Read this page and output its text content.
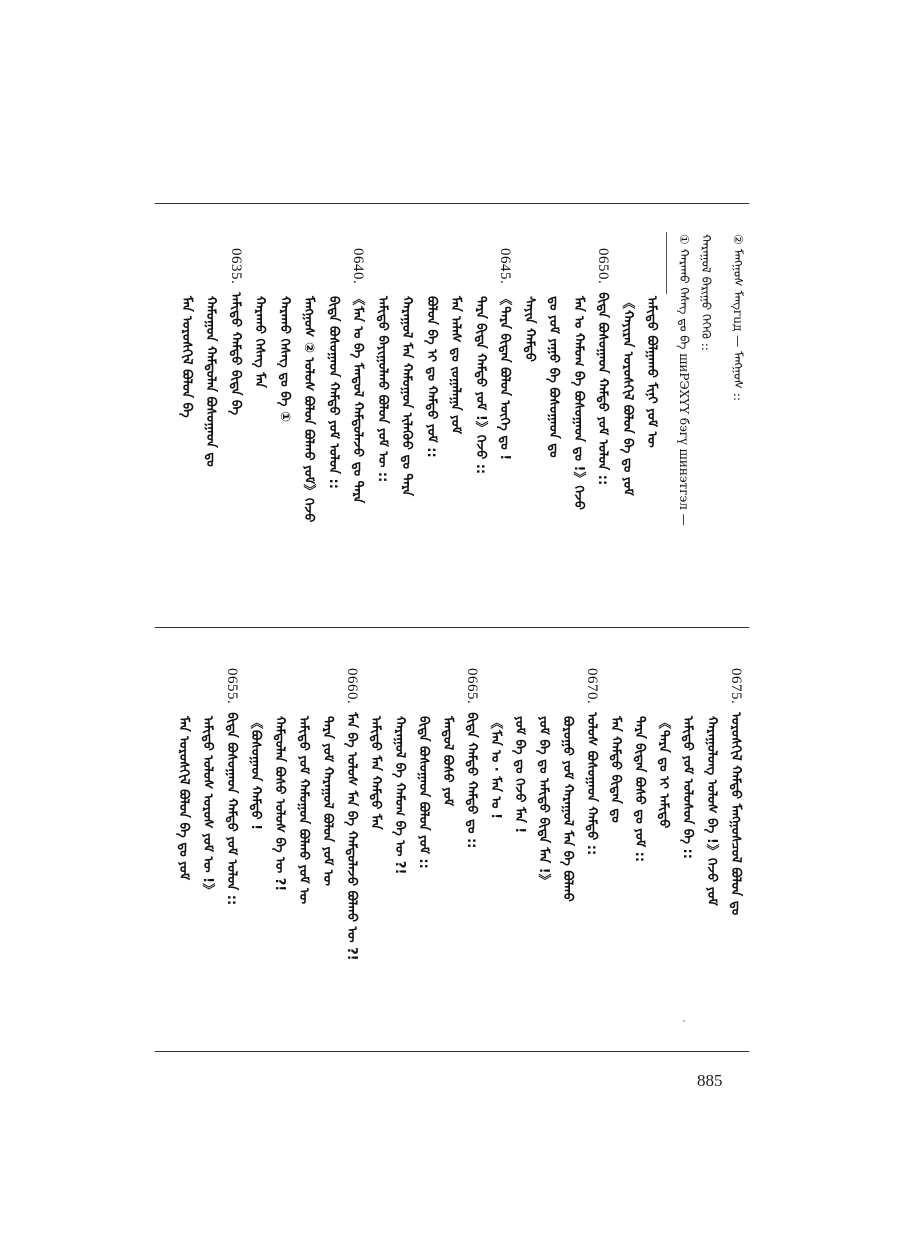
② ᠮᠠᠩᠭᠤᠰ ᠮᠠᠩгuд — ᠮᠠᠩᠭᠤᠰ ::
ᠬᠠᠷᠠᠭᠤᠯ ᠪᠠᠷᠢᠭᠤ ᠬᠡᠭᠡᠬᠦ ::
① ᠬᠠᠷᠠᠬᠤ ᠬᠡᠰᠡᠭ ᠳᠤ ᠪᠡ шиРЭХҮҮ бэгү шинэтгэл —
ᠠᠮᠢᠳᠤ ᠪᠣᠯᠭᠠᠬᠤ ᠮᠢᠨᠢ ᠶᠤᠮ ᠦ
《ᠬᠠᠶᠢᠷᠠᠨ ᠤᠷᠤᠰᠬᠢᠯ ᠪᠤᠯᠤᠨ ᠪᠠ ᠳᠤ ᠶᠤᠮ
0650.ᠪᠢᠳᠡ ᠪᠤᠰᠤᠭᠠᠳ ᠬᠠᠮᠲᠤ ᠶᠤᠮ ᠤᠯᠤᠨ ::
ᠮᠠᠨ ᠤ ᠬᠠᠮᠤᠭ ᠪᠡ ᠪᠤᠰᠤᠭᠠᠳ ᠳᠤ !》ᠭᠡᠵᠦ
ᠳᠤ ᠶᠤᠮ ᠶᠠᠭᠤ ᠪᠡ ᠪᠤᠰᠤᠭᠠᠳ ᠳᠤ
ᠰᠠᠶᠢᠨ ᠬᠠᠮᠲᠤ
0645.《ᠲᠡᠷᠡ ᠪᠢᠳᠡᠨ ᠪᠤᠯᠤᠨ ᠦᠭᠡ ᠳᠤ !
ᠲᠡᠷᠡ ᠪᠢᠳᠡ ᠬᠠᠮᠲᠤ ᠶᠤᠮ !》ᠭᠡᠵᠦ ::
ᠮᠠᠨ ᠠᠯᠠᠰ ᠳᠤ ᠵᠤᠭᠠᠯᠠᠭᠠ ᠶᠤᠮ
ᠪᠣᠯᠤᠨ ᠪᠠ ᠢ ᠳᠤ ᠬᠠᠮᠲᠤ ᠶᠤᠮ ::
ᠬᠠᠷᠠᠭᠤᠯ ᠮᠠᠨ ᠬᠠᠮᠤᠭᠤᠨ ᠢᠯᠡᠭᠦᠦ ᠳᠤ ᠲᠡᠷᠡ
ᠠᠮᠢᠳᠤ ᠪᠠᠶᠢᠭᠤᠯᠬᠤ ᠪᠤᠯᠤᠨ ᠶᠤᠮ ᠦ ::
0640.《ᠮᠠᠨ ᠤ ᠪᠡ ᠮᠠᠨᠳᠤᠯ ᠬᠠᠮᠲᠤᠯᠠᠵᠤ ᠳᠤ ᠲᠡᠷᠡ
ᠪᠢᠳᠡ ᠪᠤᠰᠤᠭᠠᠳ ᠬᠠᠮᠲᠤ ᠶᠤᠮ ᠤᠯᠤᠨ ::
ᠮᠠᠩᠭᠤᠰ ② ᠤᠯᠤᠰ ᠪᠤᠯᠤᠨ ᠪᠣᠯᠬᠤ ᠶᠤᠮ》ᠭᠡᠵᠦ
ᠬᠠᠷᠠᠬᠤ ᠬᠡᠰᠡᠭ ᠳᠤ ᠪᠡ ①
ᠬᠠᠷᠠᠬᠤ ᠬᠡᠰᠡᠭ ᠮᠠᠨ
0635.ᠠᠮᠢᠳᠤ ᠬᠠᠮᠲᠤ ᠪᠢᠳᠡ ᠪᠠ
ᠬᠠᠮᠤᠭᠤᠨ ᠬᠠᠮᠲᠤᠯᠠᠨ ᠪᠤᠰᠤᠭᠠᠳ ᠳᠤ
ᠮᠠᠨ ᠤᠷᠤᠰᠬᠢᠯ ᠪᠤᠯᠤᠨ ᠪᠡ
0675.ᠤᠷᠤᠰᠬᠢᠯ ᠬᠠᠮᠲᠤ ᠮᠠᠩᠭᠤᠰᠴᠤᠯ ᠪᠤᠯᠤᠨ ᠳᠤ
ᠬᠠᠷᠠᠭᠤᠯᠤᠩ ᠤᠯᠤᠰ ᠪᠠ !》ᠭᠡᠵᠦ ᠶᠤᠮ
ᠠᠮᠢᠳᠤ ᠶᠤᠮ ᠤᠯᠤᠰᠤᠨ ᠪᠠ ::
《ᠲᠡᠷᠡ ᠳᠤ ᠢ ᠠᠮᠢᠳᠤ
ᠲᠡᠷᠡ ᠪᠢᠳᠡᠨ ᠪᠤᠰᠤ ᠳᠤ ᠶᠤᠮ ::
ᠮᠠᠨ ᠬᠠᠮᠲᠤ ᠪᠢᠳᠡᠨ ᠳᠤ
0670.ᠤᠯᠤᠰ ᠪᠤᠰᠤᠭᠠᠳ ᠬᠠᠮᠲᠤ ::
ᠪᠤᠷᠤᠭᠤ ᠶᠤᠮ ᠬᠠᠷᠠᠭᠤᠯ ᠮᠠᠨ ᠪᠡ ᠪᠣᠯᠬᠤ
ᠶᠤᠮ ᠪᠠ ᠳᠤ ᠠᠮᠢᠳᠤ ᠪᠢᠳᠡ ᠮᠠᠨ !》
ᠶᠤᠮ ᠪᠠ ᠳᠤ ᠭᠡᠵᠦ ᠮᠠᠨ !
《ᠮᠠᠨ ᠤ · ᠮᠠᠨ ᠤ !
0665.ᠪᠢᠳᠡ ᠬᠠᠮᠲᠤ ᠬᠠᠮᠲᠤ ᠳᠤ ::
ᠮᠠᠨᠳᠤᠯ ᠪᠤᠰᠤ ᠶᠤᠮ
ᠪᠢᠳᠡ ᠪᠤᠰᠤᠭᠠᠳ ᠪᠤᠯᠤᠨ ᠶᠤᠮ ::
ᠬᠠᠷᠠᠭᠤᠯ ᠪᠡ ᠬᠠᠮᠤᠭ ᠪᠠ ᠦ ?!
ᠠᠮᠢᠳᠤ ᠮᠠᠨ ᠬᠠᠮᠲᠤ ᠮᠠᠨ
0660.ᠮᠠᠨ ᠪᠠ ᠤᠯᠤᠰ ᠮᠠᠨ ᠪᠡ ᠬᠠᠮᠲᠤᠯᠠᠵᠤ ᠪᠤᠯᠬᠤ ᠦ ?!
ᠲᠡᠷᠡ ᠶᠤᠮ ᠬᠠᠷᠠᠭᠤᠯ ᠪᠤᠯᠤᠨ ᠶᠤᠮ ᠦ
ᠠᠮᠢᠳᠤ ᠶᠤᠮ ᠬᠠᠮᠤᠭᠤᠨ ᠪᠤᠯᠬᠤ ᠶᠤᠮ ᠦ
ᠬᠠᠮᠲᠤᠯᠠᠨ ᠪᠤᠰᠤ ᠤᠯᠤᠰ ᠪᠠ ᠦ ?!
《ᠪᠤᠰᠤᠭᠠᠳ ᠬᠠᠮᠲᠤ !
0655.ᠪᠢᠳᠡ ᠪᠤᠰᠤᠭᠠᠳ ᠬᠠᠮᠲᠤ ᠶᠤᠮ ᠤᠯᠤᠨ ::
ᠠᠮᠢᠳᠤ ᠤᠯᠤᠰ ᠤᠷᠤᠰ ᠶᠤᠮ ᠦ !》
ᠮᠠᠨ ᠤᠷᠤᠰᠬᠢᠯ ᠪᠤᠯᠤᠨ ᠪᠠ ᠳᠤ ᠶᠤᠮ
885
